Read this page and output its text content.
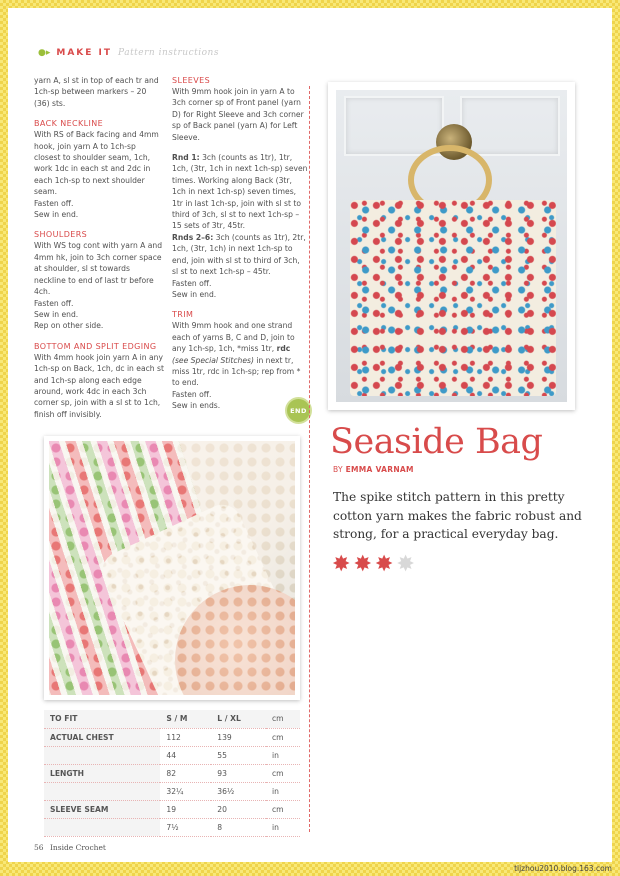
●▸ MAKE IT Pattern instructions

yarn A, sl st in top of each tr and 1ch-sp between markers – 20 (36) sts.

BACK NECKLINE

With RS of Back facing and 4mm hook, join yarn A to 1ch-sp closest to shoulder seam, 1ch, work 1dc in each st and 2dc in each 1ch-sp to next shoulder seam.

Fasten off.

Sew in end.

SHOULDERS

With WS tog cont with yarn A and 4mm hk, join to 3ch corner space at shoulder, sl st towards neckline to end of last tr before 4ch.

Fasten off.

Sew in end.

Rep on other side.

BOTTOM AND SPLIT EDGING

With 4mm hook join yarn A in any 1ch-sp on Back, 1ch, dc in each st and 1ch-sp along each edge around, work 4dc in each 3ch corner sp, join with a sl st to 1ch, finish off invisibly.

SLEEVES

With 9mm hook join in yarn A to 3ch corner sp of Front panel (yarn D) for Right Sleeve and 3ch corner sp of Back panel (yarn A) for Left Sleeve.

Rnd 1: 3ch (counts as 1tr), 1tr, 1ch, (3tr, 1ch in next 1ch-sp) seven times. Working along Back (3tr, 1ch in next 1ch-sp) seven times, 1tr in last 1ch-sp, join with sl st to third of 3ch, sl st to next 1ch-sp – 15 sets of 3tr, 45tr.

Rnds 2–6: 3ch (counts as 1tr), 2tr, 1ch, (3tr, 1ch) in next 1ch-sp to end, join with sl st to third of 3ch, sl st to next 1ch-sp – 45tr.

Fasten off.

Sew in end.

TRIM

With 9mm hook and one strand each of yarns B, C and D, join to any 1ch-sp, 1ch, *miss 1tr, rdc (see Special Stitches) in next tr, miss 1tr, rdc in 1ch-sp; rep from * to end.

Fasten off.

Sew in ends.

END
Seaside Bag
BY EMMA VARNAM
The spike stitch pattern in this pretty cotton yarn makes the fabric robust and strong, for a practical everyday bag.
✸ ✸ ✸ ✸
TO FIT	S / M	L / XL	cm
ACTUAL CHEST	112	139	cm
	44	55	in
LENGTH	82	93	cm
	32¼	36½	in
SLEEVE SEAM	19	20	cm
	7½	8	in
56 Inside Crochet
tljzhou2010.blog.163.com
